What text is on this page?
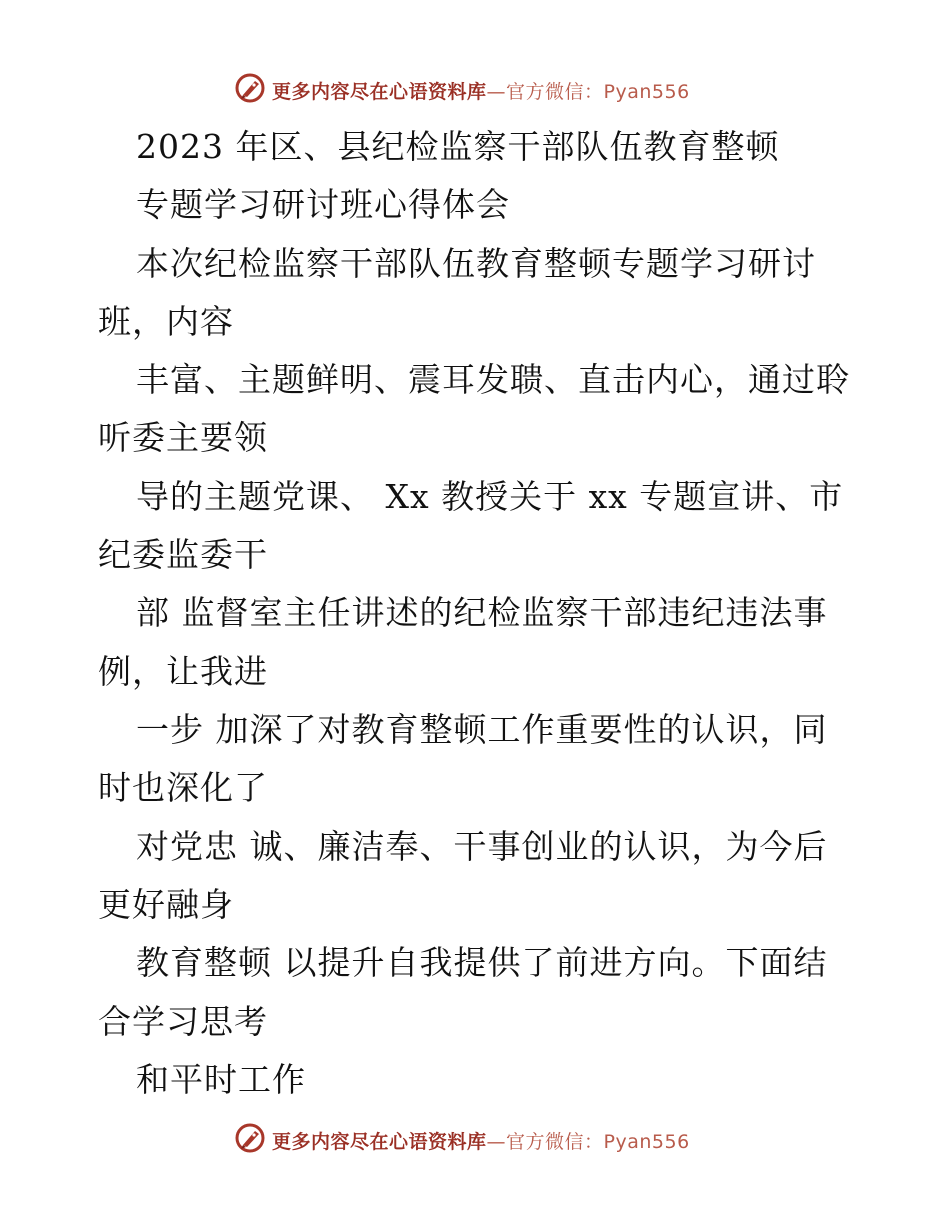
更多内容尽在心语资料库—官方微信：Pyan556
2023 年区、县纪检监察干部队伍教育整顿
专题学习研讨班心得体会
本次纪检监察干部队伍教育整顿专题学习研讨
班，内容
丰富、主题鲜明、震耳发聩、直击内心，通过聆
听委主要领
导的主题党课、 Xx 教授关于 xx 专题宣讲、市
纪委监委干
部 监督室主任讲述的纪检监察干部违纪违法事
例，让我进
一步 加深了对教育整顿工作重要性的认识，同
时也深化了
对党忠 诚、廉洁奉、干事创业的认识，为今后
更好融身
教育整顿 以提升自我提供了前进方向。下面结
合学习思考
和平时工作
更多内容尽在心语资料库—官方微信：Pyan556
